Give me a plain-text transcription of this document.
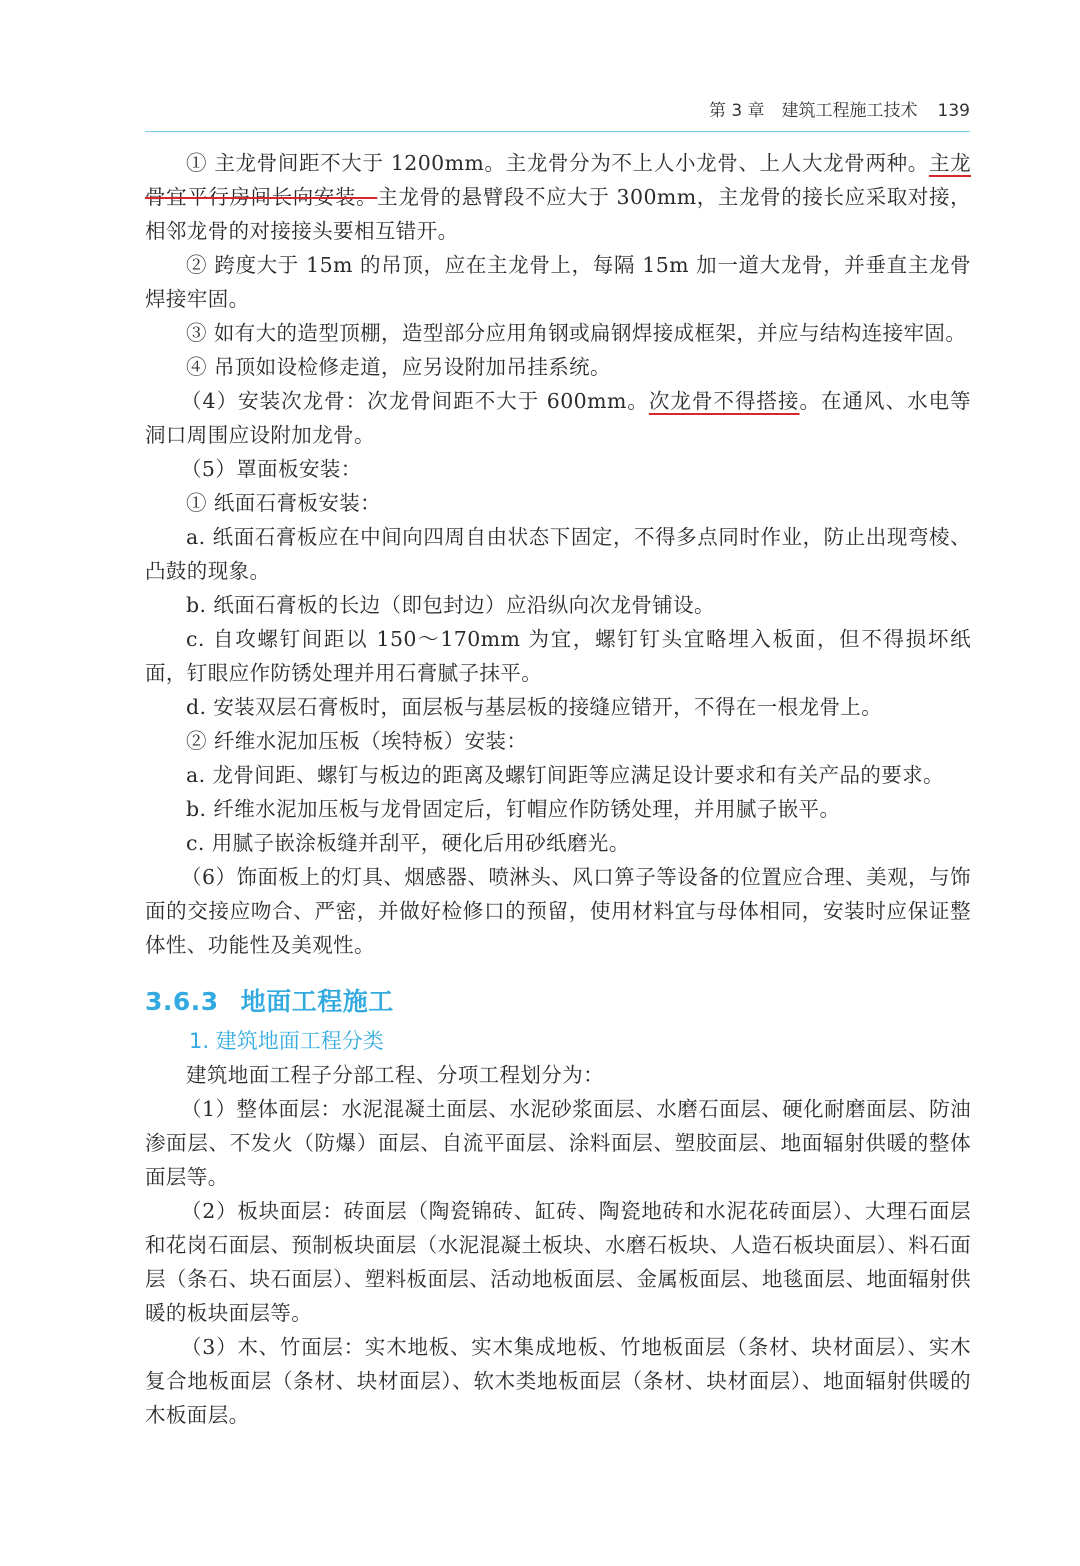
第 3 章　建筑工程施工技术 139

① 主龙骨间距不大于 1200mm。主龙骨分为不上人小龙骨、上人大龙骨两种。主龙骨宜平行房间长向安装。主龙骨的悬臂段不应大于 300mm，主龙骨的接长应采取对接，相邻龙骨的对接接头要相互错开。

② 跨度大于 15m 的吊顶，应在主龙骨上，每隔 15m 加一道大龙骨，并垂直主龙骨焊接牢固。

③ 如有大的造型顶棚，造型部分应用角钢或扁钢焊接成框架，并应与结构连接牢固。

④ 吊顶如设检修走道，应另设附加吊挂系统。

（4）安装次龙骨：次龙骨间距不大于 600mm。次龙骨不得搭接。在通风、水电等洞口周围应设附加龙骨。

（5）罩面板安装：

① 纸面石膏板安装：

a. 纸面石膏板应在中间向四周自由状态下固定，不得多点同时作业，防止出现弯棱、凸鼓的现象。

b. 纸面石膏板的长边（即包封边）应沿纵向次龙骨铺设。

c. 自攻螺钉间距以 150～170mm 为宜，螺钉钉头宜略埋入板面，但不得损坏纸面，钉眼应作防锈处理并用石膏腻子抹平。

d. 安装双层石膏板时，面层板与基层板的接缝应错开，不得在一根龙骨上。

② 纤维水泥加压板（埃特板）安装：

a. 龙骨间距、螺钉与板边的距离及螺钉间距等应满足设计要求和有关产品的要求。

b. 纤维水泥加压板与龙骨固定后，钉帽应作防锈处理，并用腻子嵌平。

c. 用腻子嵌涂板缝并刮平，硬化后用砂纸磨光。

（6）饰面板上的灯具、烟感器、喷淋头、风口箅子等设备的位置应合理、美观，与饰面的交接应吻合、严密，并做好检修口的预留，使用材料宜与母体相同，安装时应保证整体性、功能性及美观性。

3.6.3 地面工程施工
1. 建筑地面工程分类

建筑地面工程子分部工程、分项工程划分为：

（1）整体面层：水泥混凝土面层、水泥砂浆面层、水磨石面层、硬化耐磨面层、防油渗面层、不发火（防爆）面层、自流平面层、涂料面层、塑胶面层、地面辐射供暖的整体面层等。

（2）板块面层：砖面层（陶瓷锦砖、缸砖、陶瓷地砖和水泥花砖面层）、大理石面层和花岗石面层、预制板块面层（水泥混凝土板块、水磨石板块、人造石板块面层）、料石面层（条石、块石面层）、塑料板面层、活动地板面层、金属板面层、地毯面层、地面辐射供暖的板块面层等。

（3）木、竹面层：实木地板、实木集成地板、竹地板面层（条材、块材面层）、实木复合地板面层（条材、块材面层）、软木类地板面层（条材、块材面层）、地面辐射供暖的木板面层。
